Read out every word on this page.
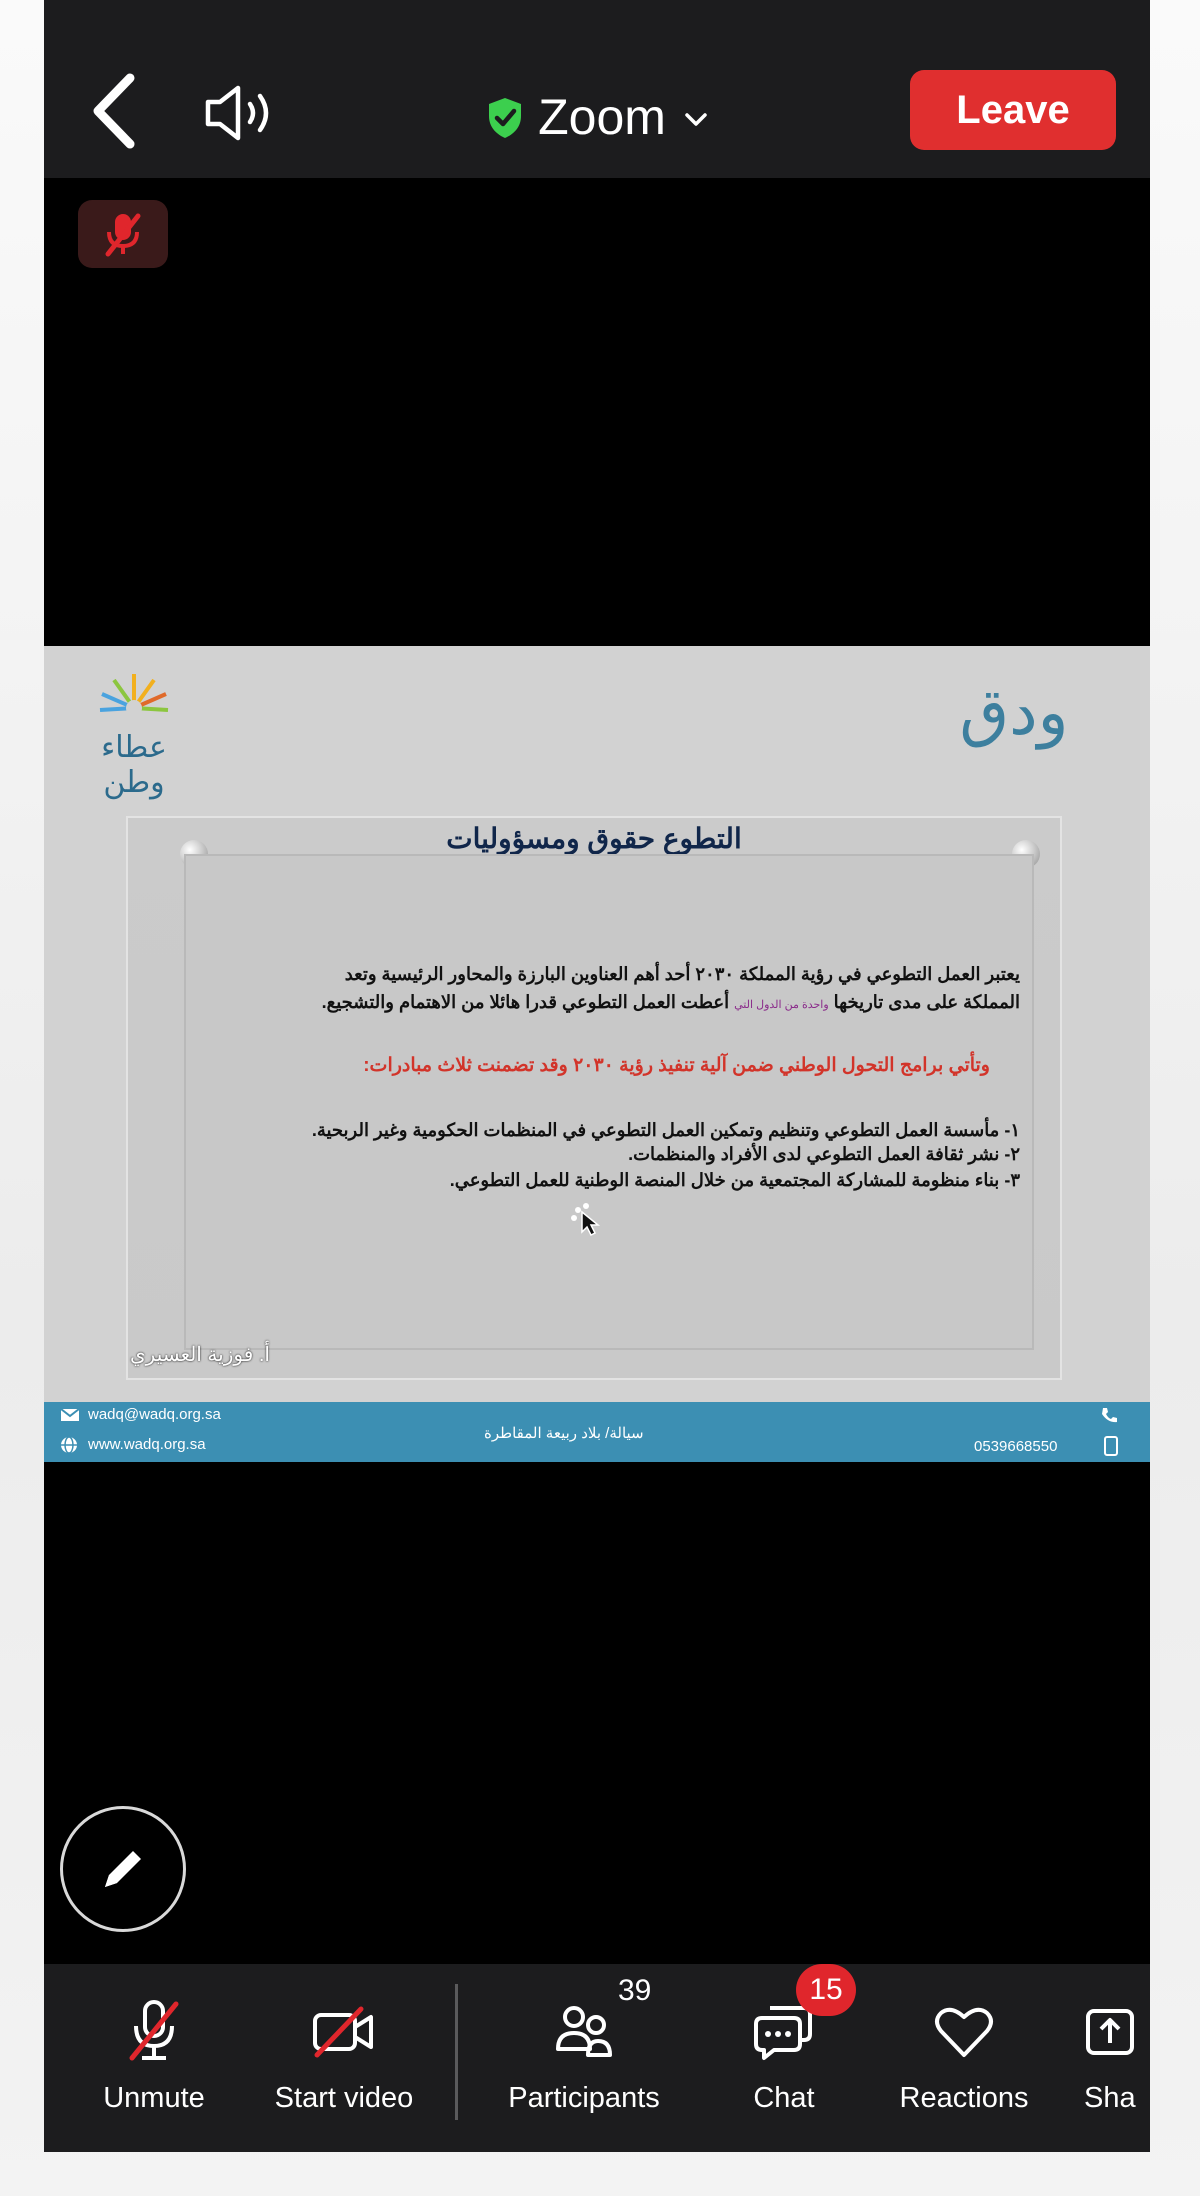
Zoom	Leave
عطاء وطن
ودق
التطوع حقوق ومسؤوليات
يعتبر العمل التطوعي في رؤية المملكة ٢٠٣٠ أحد أهم العناوين البارزة والمحاور الرئيسية وتعد
المملكة على مدى تاريخها واحدة من الدول التي أعطت العمل التطوعي قدرا هائلا من الاهتمام والتشجيع.
وتأتي برامج التحول الوطني ضمن آلية تنفيذ رؤية ٢٠٣٠ وقد تضمنت ثلاث مبادرات:
١- مأسسة العمل التطوعي وتنظيم وتمكين العمل التطوعي في المنظمات الحكومية وغير الربحية.
٢- نشر ثقافة العمل التطوعي لدى الأفراد والمنظمات.
٣- بناء منظومة للمشاركة المجتمعية من خلال المنصة الوطنية للعمل التطوعي.
أ. فوزية العسيري
wadq@wadq.org.sa
www.wadq.org.sa
سيالة/ بلاد ربيعة المقاطرة
0539668550
Unmute	Start video	Participants
39
Chat
15
Reactions	Sha
